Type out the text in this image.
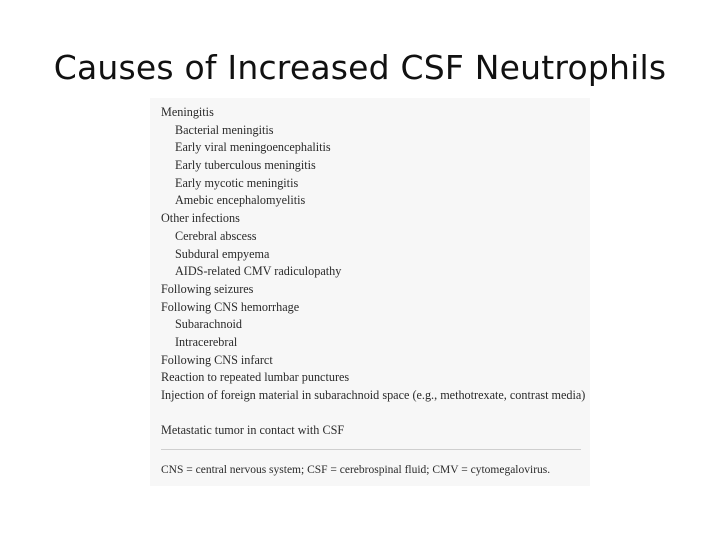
Causes of Increased CSF Neutrophils
Meningitis
Bacterial meningitis
Early viral meningoencephalitis
Early tuberculous meningitis
Early mycotic meningitis
Amebic encephalomyelitis
Other infections
Cerebral abscess
Subdural empyema
AIDS-related CMV radiculopathy
Following seizures
Following CNS hemorrhage
Subarachnoid
Intracerebral
Following CNS infarct
Reaction to repeated lumbar punctures
Injection of foreign material in subarachnoid space (e.g., methotrexate, contrast media)
Metastatic tumor in contact with CSF
CNS = central nervous system; CSF = cerebrospinal fluid; CMV = cytomegalovirus.
